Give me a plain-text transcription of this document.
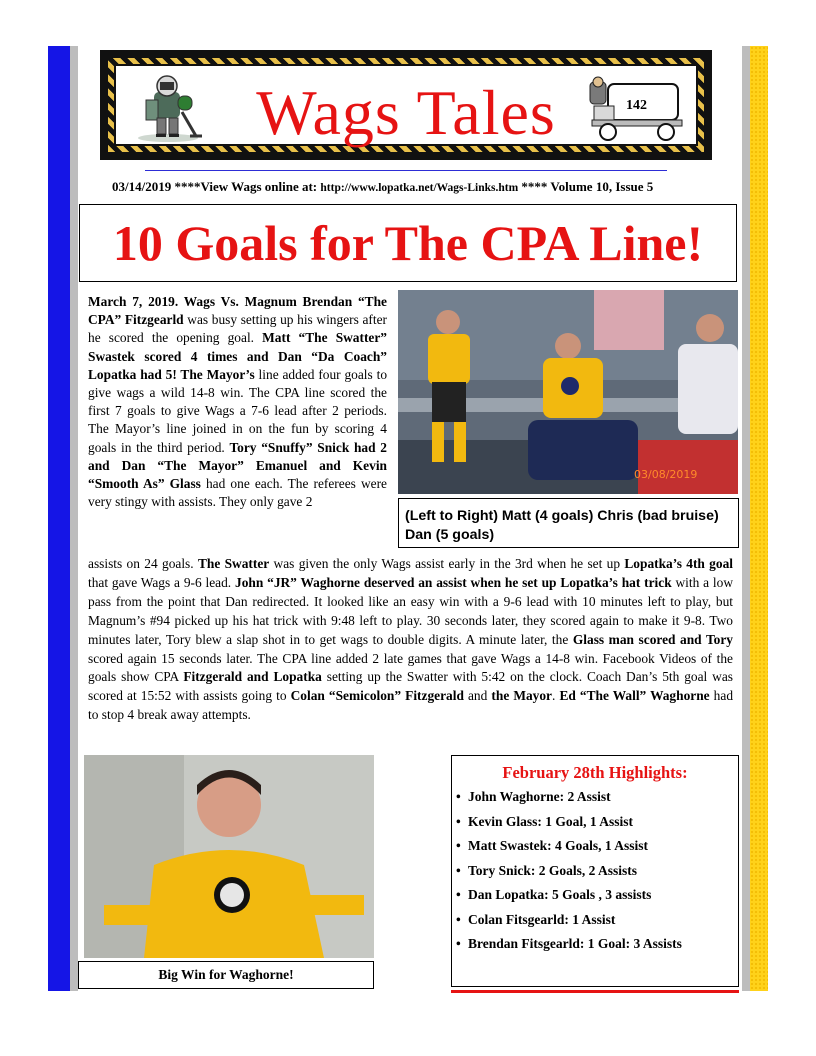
Wags Tales	142
03/14/2019 ****View Wags online at: http://www.lopatka.net/Wags-Links.htm **** Volume 10, Issue 5
10 Goals for The CPA Line!

March 7, 2019. Wags Vs. Magnum Brendan “The CPA” Fitzgearld was busy setting up his wingers after he scored the opening goal. Matt “The Swatter” Swastek scored 4 times and Dan “Da Coach” Lopatka had 5! The Mayor’s line added four goals to give wags a wild 14-8 win. The CPA line scored the first 7 goals to give Wags a 7-6 lead after 2 periods. The Mayor’s line joined in on the fun by scoring 4 goals in the third period. Tory “Snuffy” Snick had 2 and Dan “The Mayor” Emanuel and Kevin “Smooth As” Glass had one each. The referees were very stingy with assists. They only gave 2

03/08/2019
(Left to Right) Matt (4 goals) Chris (bad bruise) Dan (5 goals)

assists on 24 goals. The Swatter was given the only Wags assist early in the 3rd when he set up Lopatka’s 4th goal that gave Wags a 9-6 lead. John “JR” Waghorne deserved an assist when he set up Lopatka’s hat trick with a low pass from the point that Dan redirected. It looked like an easy win with a 9-6 lead with 10 minutes left to play, but Magnum’s #94 picked up his hat trick with 9:48 left to play. 30 seconds later, they scored again to make it 9-8. Two minutes later, Tory blew a slap shot in to get wags to double digits. A minute later, the Glass man scored and Tory scored again 15 seconds later. The CPA line added 2 late games that gave Wags a 14-8 win. Facebook Videos of the goals show CPA Fitzgerald and Lopatka setting up the Swatter with 5:42 on the clock. Coach Dan’s 5th goal was scored at 15:52 with assists going to Colan “Semicolon” Fitzgerald and the Mayor. Ed “The Wall” Waghorne had to stop 4 break away attempts.

Big Win for Waghorne!
February 28th Highlights:
• John Waghorne: 2 Assist
• Kevin Glass: 1 Goal, 1 Assist
• Matt Swastek: 4 Goals, 1 Assist
• Tory Snick: 2 Goals, 2 Assists
• Dan Lopatka: 5 Goals , 3 assists
• Colan Fitsgearld: 1 Assist
• Brendan Fitsgearld: 1 Goal: 3 Assists
